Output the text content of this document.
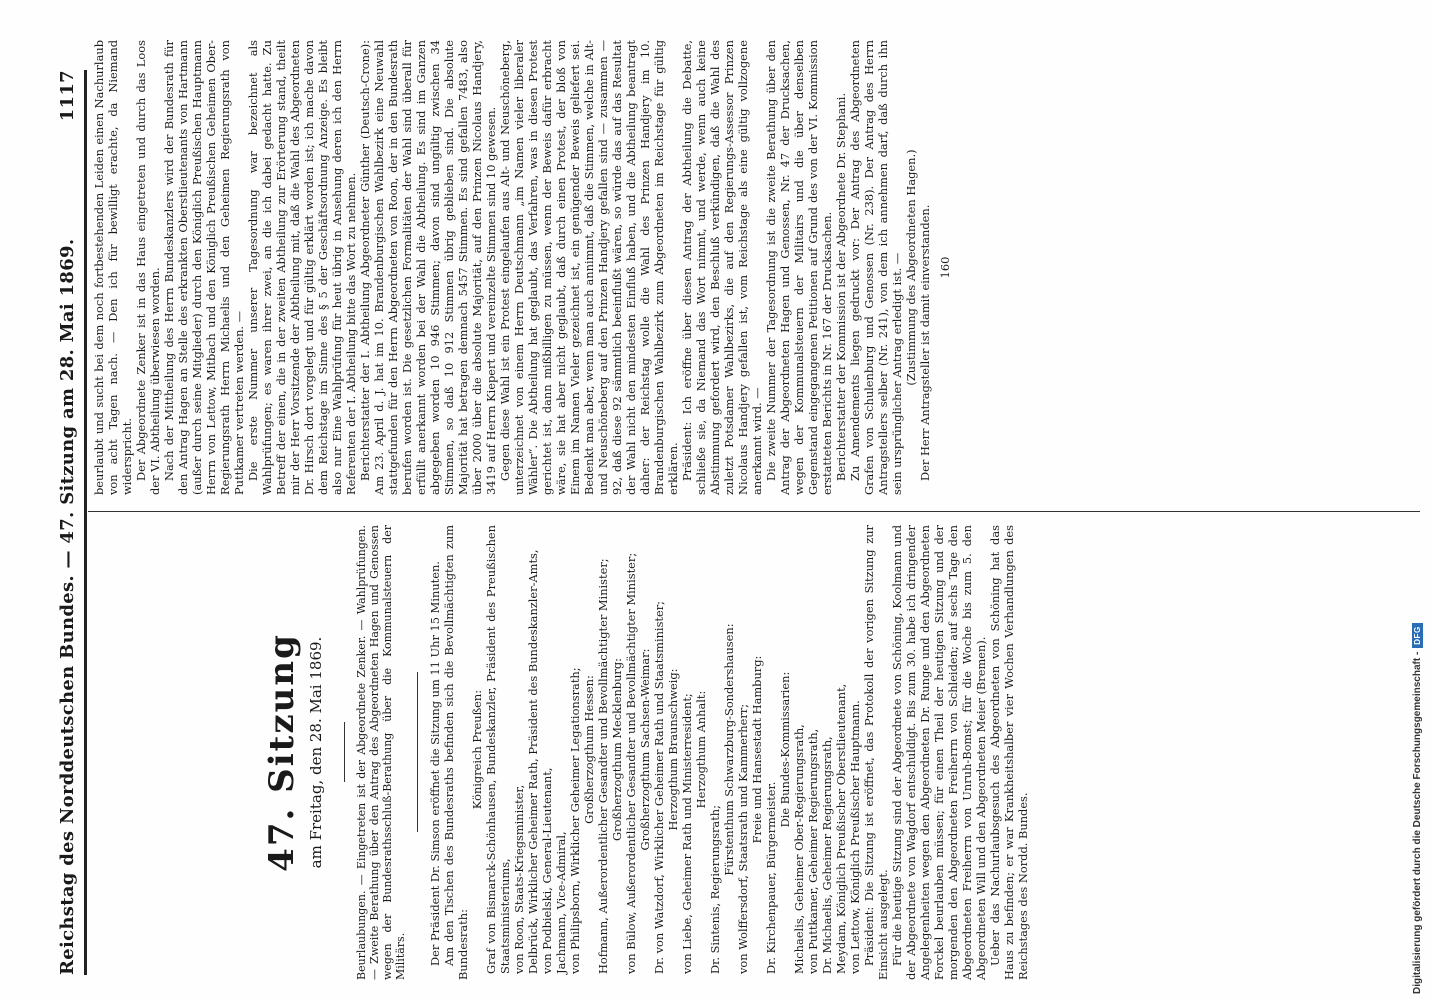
Reichstag des Norddeutschen Bundes. — 47. Sitzung am 28. Mai 1869.
1117
47. Sitzung am Freitag, den 28. Mai 1869.	Beurlaubungen. — Eingetreten ist der Abgeordnete Zenker. — Wahlprüfungen. — Zweite Berathung über den Antrag des Abgeordneten Hagen und Genossen wegen der Bundesrathsschluß-Berathung über die Kommunalsteuern der Militärs. Der Präsident Dr. Simson eröffnet die Sitzung um 11 Uhr 15 Minuten. Am den Tischen des Bundesraths befinden sich die Bevollmächtigten zum Bundesrath:

Königreich Preußen: Graf von Bismarck-Schönhausen, Bundeskanzler, Präsident des Preußischen Staatsministeriums, von Roon, Staats-Kriegsminister, Delbrück, Wirklicher Geheimer Rath, Präsident des Bundeskanzler-Amts, von Podbielski, General-Lieutenant, Jachmann, Vice-Admiral, von Philipsborn, Wirklicher Geheimer Legationsrath; Großherzogthum Hessen: Hofmann, Außerordentlicher Gesandter und Bevollmächtigter Minister; Großherzogthum Mecklenburg: von Bülow, Außerordentlicher Gesandter und Bevollmächtigter Minister; Großherzogthum Sachsen-Weimar: Dr. von Watzdorf, Wirklicher Geheimer Rath und Staatsminister; Herzogthum Braunschweig: von Liebe, Geheimer Rath und Ministerresident; Herzogthum Anhalt:

Dr. Sintenis, Regierungsrath;

Fürstenthum Schwarzburg-Sondershausen: von Wolffersdorf, Staatsrath und Kammerherr; Freie und Hansestadt Hamburg:

Dr. Kirchenpauer, Bürgermeister.

Die Bundes-Kommissarien: Michaelis, Geheimer Ober-Regierungsrath, von Puttkamer, Geheimer Regierungsrath, Dr. Michaelis, Geheimer Regierungsrath, Meydam, Königlich Preußischer Oberstlieutenant, von Lettow, Königlich Preußischer Hauptmann. Präsident: Die Sitzung ist eröffnet, das Protokoll der vorigen Sitzung zur Einsicht ausgelegt. Für die heutige Sitzung sind der Abgeordnete von Schöning, Koolmann und der Abgeordnete von Wagdorf entschuldigt. Bis zum 30. habe ich dringender Angelegenheiten wegen den Abgeordneten Dr. Runge und den Abgeordneten Forckel beurlauben müssen; für einen Theil der heutigen Sitzung und der morgenden den Abgeordneten Freiherrn von Schleiden; auf sechs Tage den Abgeordneten Freiherrn von Unruh-Bomst; für die Woche bis zum 5. den Abgeordneten Will und den Abgeordneten Meier (Bremen). Ueber das Nachurlaubsgesuch des Abgeordneten von Schöning hat das Haus zu befinden; er war Krankheitshalber vier Wochen Verhandlungen des Reichstages des Nordd. Bundes.

beurlaubt und sucht bei dem noch fortbestehenden Leiden einen Nachurlaub von acht Tagen nach. — Den ich für bewilligt erachte, da Niemand widerspricht. Der Abgeordnete Zenker ist in das Haus eingetreten und durch das Loos der VI. Abtheilung überwiesen worden. Nach der Mittheilung des Herrn Bundeskanzlers wird der Bundesrath für den Antrag Hagen an Stelle des erkrankten Oberstlieutenants von Hartmann (außer durch seine Mitglieder) durch den Königlich Preußischen Hauptmann Herrn von Lettow, Mitbach und den Königlich Preußischen Geheimen Ober-Regierungsrath Herrn Michaelis und den Geheimen Regierungsrath von Puttkamer vertreten werden. — Die erste Nummer unserer Tagesordnung war bezeichnet als Wahlprüfungen; es waren ihrer zwei, an die ich dabei gedacht hatte. Zu Betreff der einen, die in der zweiten Abtheilung zur Erörterung stand, theilt mir der Herr Vorsitzende der Abtheilung mit, daß die Wahl des Abgeordneten Dr. Hirsch dort vorgelegt und für gültig erklärt worden ist; ich mache davon dem Reichstage im Sinne des § 5 der Geschäftsordnung Anzeige. Es bleibt also nur Eine Wahlprüfung für heut übrig in Ansehung deren ich den Herrn Referenten der I. Abtheilung bitte das Wort zu nehmen. Berichterstatter der I. Abtheilung Abgeordneter Günther (Deutsch-Crone): Am 23. April d. J. hat im 10. Brandenburgischen Wahlbezirk eine Neuwahl stattgefunden für den Herrn Abgeordneten von Roon, der in den Bundesrath berufen worden ist. Die gesetzlichen Formalitäten der Wahl sind überall für erfüllt anerkannt worden bei der Wahl die Abtheilung. Es sind im Ganzen abgegeben worden 10 946 Stimmen; davon sind ungültig zwischen 34 Stimmen, so daß 10 912 Stimmen übrig geblieben sind. Die absolute Majorität hat betragen demnach 5457 Stimmen. Es sind gefallen 7483, also über 2000 über die absolute Majorität, auf den Prinzen Nicolaus Handjery, 3419 auf Herrn Kiepert und vereinzelte Stimmen sind 10 gewesen. Gegen diese Wahl ist ein Protest eingelaufen aus Alt- und Neuschöneberg, unterzeichnet von einem Herrn Deutschmann „im Namen vieler liberaler Wähler“. Die Abtheilung hat geglaubt, das Verfahren, was in diesen Protest gerichtet ist, dann mißbilligen zu müssen, wenn der Beweis dafür erbracht wäre, sie hat aber nicht geglaubt, daß durch einen Protest, der bloß von Einem im Namen Vieler gezeichnet ist, ein genügender Beweis geliefert sei. Bedenkt man aber, wenn man auch annimmt, daß die Stimmen, welche in Alt- und Neuschöneberg auf den Prinzen Handjery gefallen sind — zusammen — 92, daß diese 92 sämmtlich beeinflußt wären, so würde das auf das Resultat der Wahl nicht den mindesten Einfluß haben, und die Abtheilung beantragt daher: der Reichstag wolle die Wahl des Prinzen Handjery im 10. Brandenburgischen Wahlbezirk zum Abgeordneten im Reichstage für gültig erklären. Präsident: Ich eröffne über diesen Antrag der Abtheilung die Debatte, schließe sie, da Niemand das Wort nimmt, und werde, wenn auch keine Abstimmung gefordert wird, den Beschluß verkündigen, daß die Wahl des zuletzt Potsdamer Wahlbezirks, die auf den Regierungs-Assessor Prinzen Nicolaus Handjery gefallen ist, vom Reichstage als eine gültig vollzogene anerkannt wird. — Die zweite Nummer der Tagesordnung ist die zweite Berathung über den Antrag der Abgeordneten Hagen und Genossen, Nr. 47 der Drucksachen, wegen der Kommunalsteuern der Militairs und die über denselben Gegenstand eingegangenen Petitionen auf Grund des von der VI. Kommission erstatteten Berichts in Nr. 167 der Drucksachen. Berichterstatter der Kommission ist der Abgeordnete Dr. Stephani. Zu Amendements liegen gedruckt vor: Der Antrag des Abgeordneten Grafen von Schulenburg und Genossen (Nr. 238). Der Antrag des Herrn Antragstellers selber (Nr. 241), von dem ich annehmen darf, daß durch ihn sein ursprünglicher Antrag erledigt ist. — (Zustimmung des Abgeordneten Hagen.) Der Herr Antragsteller ist damit einverstanden. 160
Digitalisierung gefördert durch die Deutsche Forschungsgemeinschaft -
DFG
